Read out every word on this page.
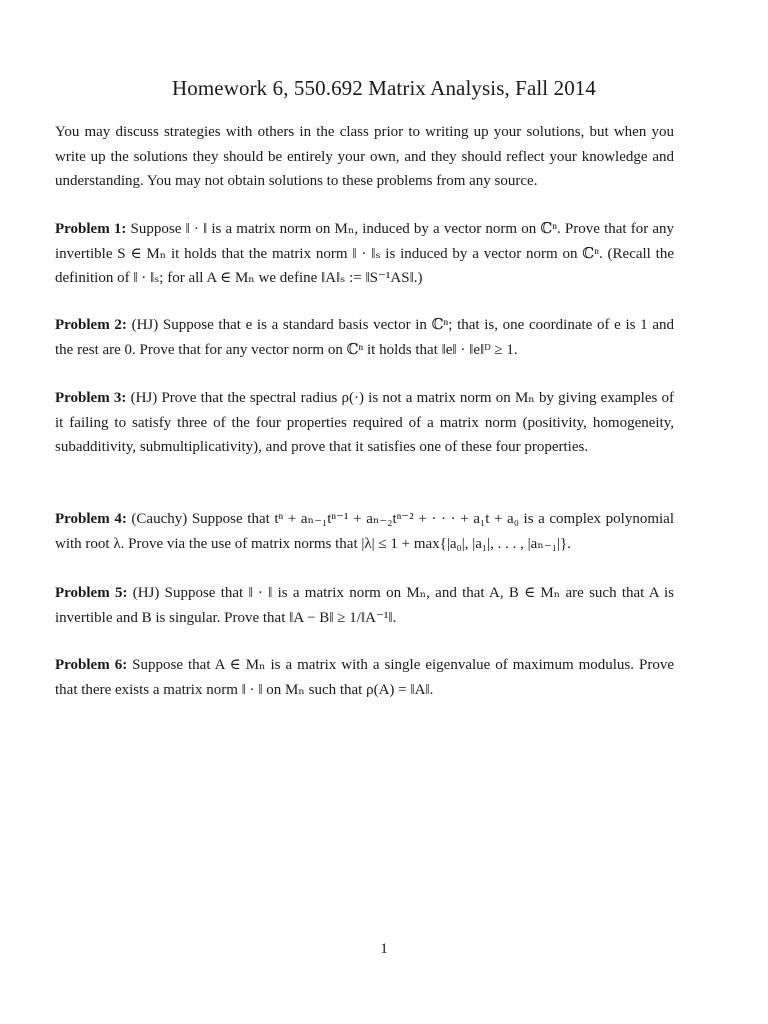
Homework 6, 550.692 Matrix Analysis, Fall 2014
You may discuss strategies with others in the class prior to writing up your solutions, but when you write up the solutions they should be entirely your own, and they should reflect your knowledge and understanding. You may not obtain solutions to these problems from any source.
Problem 1: Suppose ‖ · ‖ is a matrix norm on Mₙ, induced by a vector norm on ℂⁿ. Prove that for any invertible S ∈ Mₙ it holds that the matrix norm ‖ · ‖ₛ is induced by a vector norm on ℂⁿ. (Recall the definition of ‖ · ‖ₛ; for all A ∈ Mₙ we define ‖A‖ₛ := ‖S⁻¹AS‖.)
Problem 2: (HJ) Suppose that e is a standard basis vector in ℂⁿ; that is, one coordinate of e is 1 and the rest are 0. Prove that for any vector norm on ℂⁿ it holds that ‖e‖ · ‖e‖ᴰ ≥ 1.
Problem 3: (HJ) Prove that the spectral radius ρ(·) is not a matrix norm on Mₙ by giving examples of it failing to satisfy three of the four properties required of a matrix norm (positivity, homogeneity, subadditivity, submultiplicativity), and prove that it satisfies one of these four properties.
Problem 4: (Cauchy) Suppose that tⁿ + aₙ₋₁tⁿ⁻¹ + aₙ₋₂tⁿ⁻² + · · · + a₁t + a₀ is a complex polynomial with root λ. Prove via the use of matrix norms that |λ| ≤ 1 + max{|a₀|, |a₁|, . . . , |aₙ₋₁|}.
Problem 5: (HJ) Suppose that ‖ · ‖ is a matrix norm on Mₙ, and that A, B ∈ Mₙ are such that A is invertible and B is singular. Prove that ‖A − B‖ ≥ 1/‖A⁻¹‖.
Problem 6: Suppose that A ∈ Mₙ is a matrix with a single eigenvalue of maximum modulus. Prove that there exists a matrix norm ‖ · ‖ on Mₙ such that ρ(A) = ‖A‖.
1
